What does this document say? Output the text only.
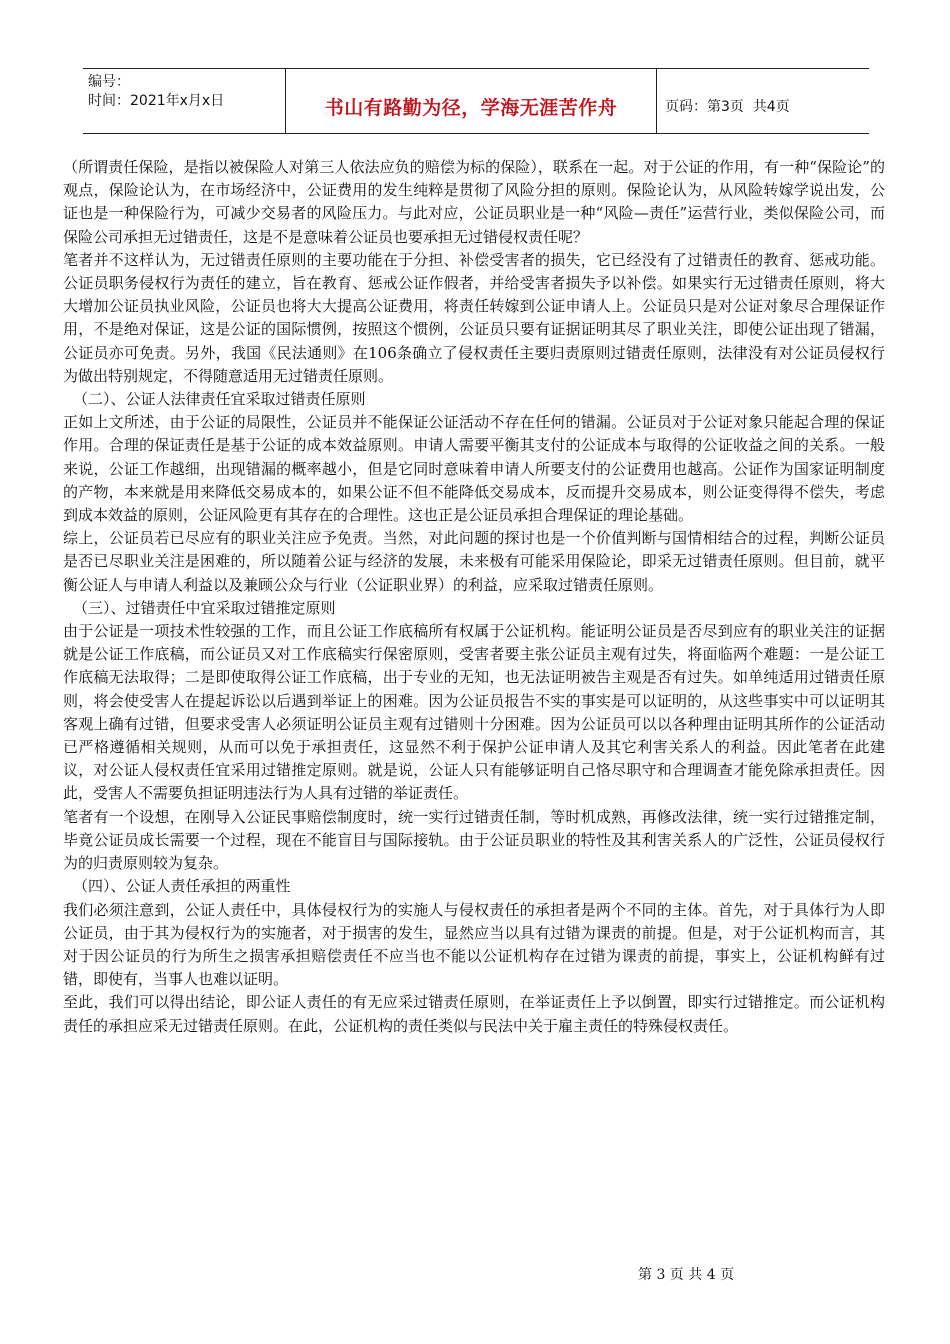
编号：
时间：2021年x月x日	书山有路勤为径，学海无涯苦作舟	页码：第3页  共4页

（所谓责任保险，是指以被保险人对第三人依法应负的赔偿为标的保险），联系在一起。对于公证的作用，有一种“保险论”的观点，保险论认为，在市场经济中，公证费用的发生纯粹是贯彻了风险分担的原则。保险论认为，从风险转嫁学说出发，公证也是一种保险行为，可减少交易者的风险压力。与此对应，公证员职业是一种“风险—责任”运营行业，类似保险公司，而保险公司承担无过错责任，这是不是意味着公证员也要承担无过错侵权责任呢？

笔者并不这样认为，无过错责任原则的主要功能在于分担、补偿受害者的损失，它已经没有了过错责任的教育、惩戒功能。公证员职务侵权行为责任的建立，旨在教育、惩戒公证作假者，并给受害者损失予以补偿。如果实行无过错责任原则，将大大增加公证员执业风险，公证员也将大大提高公证费用，将责任转嫁到公证申请人上。公证员只是对公证对象尽合理保证作用，不是绝对保证，这是公证的国际惯例，按照这个惯例，公证员只要有证据证明其尽了职业关注，即使公证出现了错漏，公证员亦可免责。另外，我国《民法通则》在106条确立了侵权责任主要归责原则过错责任原则，法律没有对公证员侵权行为做出特别规定，不得随意适用无过错责任原则。

（二）、公证人法律责任宜采取过错责任原则

正如上文所述，由于公证的局限性，公证员并不能保证公证活动不存在任何的错漏。公证员对于公证对象只能起合理的保证作用。合理的保证责任是基于公证的成本效益原则。申请人需要平衡其支付的公证成本与取得的公证收益之间的关系。一般来说，公证工作越细，出现错漏的概率越小，但是它同时意味着申请人所要支付的公证费用也越高。公证作为国家证明制度的产物，本来就是用来降低交易成本的，如果公证不但不能降低交易成本，反而提升交易成本，则公证变得得不偿失，考虑到成本效益的原则，公证风险更有其存在的合理性。这也正是公证员承担合理保证的理论基础。

综上，公证员若已尽应有的职业关注应予免责。当然，对此问题的探讨也是一个价值判断与国情相结合的过程，判断公证员是否已尽职业关注是困难的，所以随着公证与经济的发展，未来极有可能采用保险论，即采无过错责任原则。但目前，就平衡公证人与申请人利益以及兼顾公众与行业（公证职业界）的利益，应采取过错责任原则。

（三）、过错责任中宜采取过错推定原则

由于公证是一项技术性较强的工作，而且公证工作底稿所有权属于公证机构。能证明公证员是否尽到应有的职业关注的证据就是公证工作底稿，而公证员又对工作底稿实行保密原则，受害者要主张公证员主观有过失，将面临两个难题：一是公证工作底稿无法取得；二是即使取得公证工作底稿，出于专业的无知，也无法证明被告主观是否有过失。如单纯适用过错责任原则，将会使受害人在提起诉讼以后遇到举证上的困难。因为公证员报告不实的事实是可以证明的，从这些事实中可以证明其客观上确有过错，但要求受害人必须证明公证员主观有过错则十分困难。因为公证员可以以各种理由证明其所作的公证活动已严格遵循相关规则，从而可以免于承担责任，这显然不利于保护公证申请人及其它利害关系人的利益。因此笔者在此建议，对公证人侵权责任宜采用过错推定原则。就是说，公证人只有能够证明自己恪尽职守和合理调查才能免除承担责任。因此，受害人不需要负担证明违法行为人具有过错的举证责任。

笔者有一个设想，在刚导入公证民事赔偿制度时，统一实行过错责任制，等时机成熟，再修改法律，统一实行过错推定制，毕竟公证员成长需要一个过程，现在不能盲目与国际接轨。由于公证员职业的特性及其利害关系人的广泛性，公证员侵权行为的归责原则较为复杂。

（四）、公证人责任承担的两重性

我们必须注意到，公证人责任中，具体侵权行为的实施人与侵权责任的承担者是两个不同的主体。首先，对于具体行为人即公证员，由于其为侵权行为的实施者，对于损害的发生，显然应当以具有过错为课责的前提。但是，对于公证机构而言，其对于因公证员的行为所生之损害承担赔偿责任不应当也不能以公证机构存在过错为课责的前提，事实上，公证机构鲜有过错，即使有，当事人也难以证明。

至此，我们可以得出结论，即公证人责任的有无应采过错责任原则，在举证责任上予以倒置，即实行过错推定。而公证机构责任的承担应采无过错责任原则。在此，公证机构的责任类似与民法中关于雇主责任的特殊侵权责任。

第 3 页 共 4 页
